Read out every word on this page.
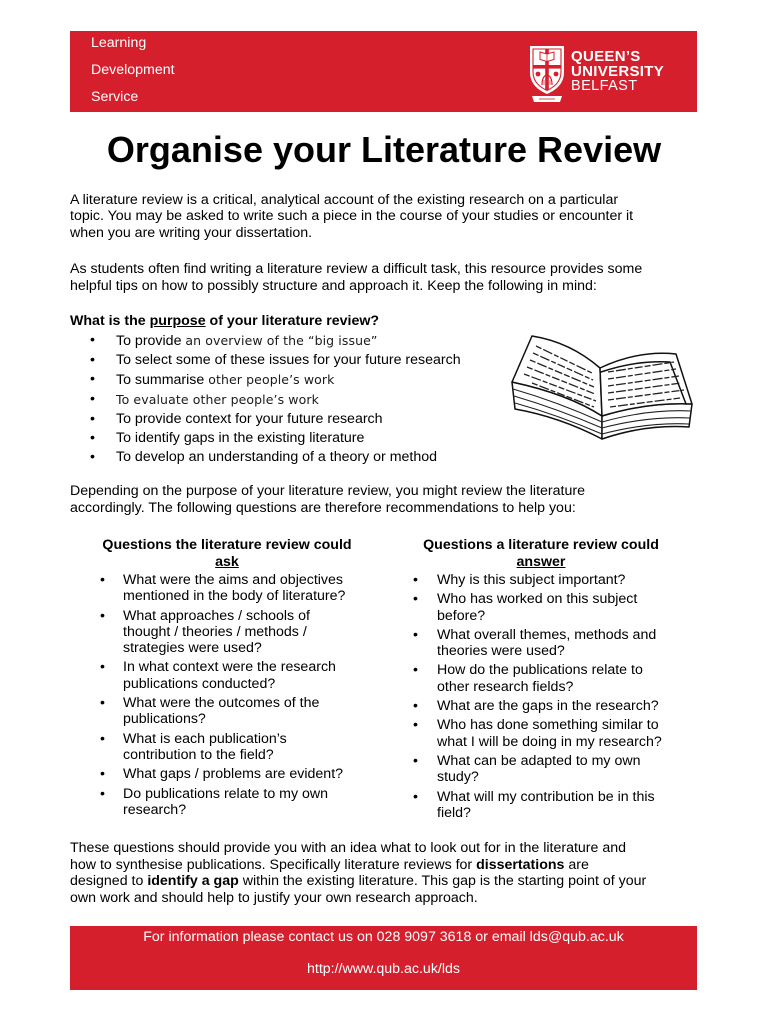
Learning
Development
Service
QUEEN’S
UNIVERSITY
BELFAST
Organise your Literature Review
A literature review is a critical, analytical account of the existing research on a particular
topic. You may be asked to write such a piece in the course of your studies or encounter it
when you are writing your dissertation.
As students often find writing a literature review a difficult task, this resource provides some
helpful tips on how to possibly structure and approach it. Keep the following in mind:
What is the purpose of your literature review?
• To provide an overview of the “big issue”
• To select some of these issues for your future research
• To summarise other people’s work
• To evaluate other people’s work
• To provide context for your future research
• To identify gaps in the existing literature
• To develop an understanding of a theory or method
Depending on the purpose of your literature review, you might review the literature
accordingly. The following questions are therefore recommendations to help you:
Questions the literature review could
ask
Questions a literature review could
answer
• What were the aims and objectives
mentioned in the body of literature?
• What approaches / schools of
thought / theories / methods /
strategies were used?
• In what context were the research
publications conducted?
• What were the outcomes of the
publications?
• What is each publication’s
contribution to the field?
• What gaps / problems are evident?
• Do publications relate to my own
research?
• Why is this subject important?
• Who has worked on this subject
before?
• What overall themes, methods and
theories were used?
• How do the publications relate to
other research fields?
• What are the gaps in the research?
• Who has done something similar to
what I will be doing in my research?
• What can be adapted to my own
study?
• What will my contribution be in this
field?
These questions should provide you with an idea what to look out for in the literature and
how to synthesise publications. Specifically literature reviews for dissertations are
designed to identify a gap within the existing literature. This gap is the starting point of your
own work and should help to justify your own research approach.
For information please contact us on 028 9097 3618 or email lds@qub.ac.uk
http://www.qub.ac.uk/lds
